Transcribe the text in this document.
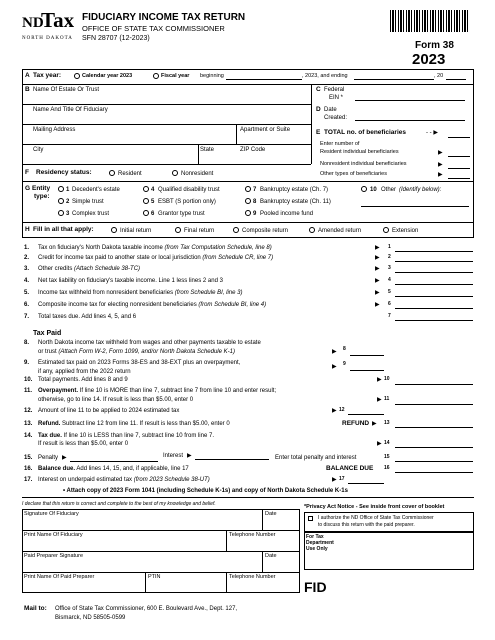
ND
Tax
NORTH DAKOTA
FIDUCIARY INCOME TAX RETURN
OFFICE OF STATE TAX COMMISSIONER
SFN 28707 (12-2023)
Form 38
2023
A Tax year:	Calendar year 2023	Fiscal year beginning	, 2023, and ending	, 20
B Name Of Estate Or Trust
Name And Title Of Fiduciary
Mailing Address	Apartment or Suite
City	State	ZIP Code
C Federal
EIN *
D Date
Created:
E TOTAL no. of beneficiaries	- - ▶
Enter number of
Resident individual beneficiaries	▶
Nonresident individual beneficiaries	▶
Other types of beneficiaries	▶
F Residency status:	Resident	Nonresident
G Entity
type:
1 Decedent's estate
2 Simple trust
3 Complex trust
4 Qualified disability trust
5 ESBT (S portion only)
6 Grantor type trust
7 Bankruptcy estate (Ch. 7)
8 Bankruptcy estate (Ch. 11)
9 Pooled income fund
10 Other (Identify below):
H Fill in all that apply:	Initial return	Final return	Composite return	Amended return	Extension
1. Tax on fiduciary's North Dakota taxable income (from Tax Computation Schedule, line 8)	▶ 1
2. Credit for income tax paid to another state or local jurisdiction (from Schedule CR, line 7)	▶ 2
3. Other credits (Attach Schedule 38-TC)	▶ 3
4. Net tax liability on fiduciary's taxable income. Line 1 less lines 2 and 3	▶ 4
5. Income tax withheld from nonresident beneficiaries (from Schedule BI, line 3)	▶ 5
6. Composite income tax for electing nonresident beneficiaries (from Schedule BI, line 4)	▶ 6
7. Total taxes due. Add lines 4, 5, and 6	7
Tax Paid
8. North Dakota income tax withheld from wages and other payments taxable to estate
or trust (Attach Form W-2, Form 1099, and/or North Dakota Schedule K-1)	▶ 8
9. Estimated tax paid on 2023 Forms 38-ES and 38-EXT plus an overpayment,
if any, applied from the 2022 return
▶ 9
10. Total payments. Add lines 8 and 9	▶ 10
11. Overpayment. If line 10 is MORE than line 7, subtract line 7 from line 10 and enter result;
otherwise, go to line 14. If result is less than $5.00, enter 0	▶ 11
12. Amount of line 11 to be applied to 2024 estimated tax	▶ 12
13. Refund. Subtract line 12 from line 11. If result is less than $5.00, enter 0	REFUND ▶ 13
14. Tax due. If line 10 is LESS than line 7, subtract line 10 from line 7.
If result is less than $5.00, enter 0	▶ 14
15. Penalty ▶	Interest ▶	Enter total penalty and interest	15
16. Balance due. Add lines 14, 15, and, if applicable, line 17	BALANCE DUE 16
17. Interest on underpaid estimated tax (from 2023 Schedule 38-UT)	▶ 17
• Attach copy of 2023 Form 1041 (including Schedule K-1s) and copy of North Dakota Schedule K-1s
I declare that this return is correct and complete to the best of my knowledge and belief.
Signature Of Fiduciary	Date
Print Name Of Fiduciary	Telephone Number
Paid Preparer Signature	Date
Print Name Of Paid Preparer	PTIN	Telephone Number
*Privacy Act Notice - See inside front cover of booklet
I authorize the ND Office of State Tax Commissioner
to discuss this return with the paid preparer.
For Tax
Department
Use Only
FID
Mail to: Office of State Tax Commissioner, 600 E. Boulevard Ave., Dept. 127,
Bismarck, ND 58505-0599
